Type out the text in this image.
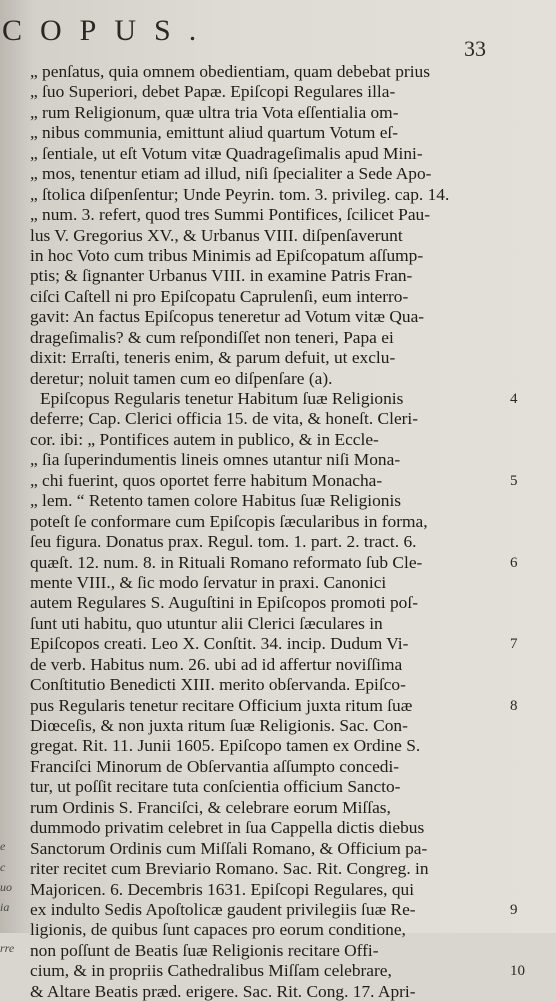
COPUS.
33
e
c
uo
ia
rre
„ penſatus, quia omnem obedientiam, quam debebat prius
„ ſuo Superiori, debet Papæ. Epiſcopi Regulares illa-
„ rum Religionum, quæ ultra tria Vota eſſentialia om-
„ nibus communia, emittunt aliud quartum Votum eſ-
„ ſentiale, ut eſt Votum vitæ Quadrageſimalis apud Mini-
„ mos, tenentur etiam ad illud, niſi ſpecialiter a Sede Apo-
„ ſtolica diſpenſentur; Unde Peyrin. tom. 3. privileg. cap. 14.
„ num. 3. refert, quod tres Summi Pontifices, ſcilicet Pau-
lus V. Gregorius XV., & Urbanus VIII. diſpenſaverunt
in hoc Voto cum tribus Minimis ad Epiſcopatum aſſump-
ptis; & ſignanter Urbanus VIII. in examine Patris Fran-
ciſci Caſtell ni pro Epiſcopatu Caprulenſi, eum interro-
gavit: An factus Epiſcopus teneretur ad Votum vitæ Qua-
drageſimalis? & cum reſpondiſſet non teneri, Papa ei
dixit: Erraſti, teneris enim, & parum defuit, ut exclu-
deretur; noluit tamen cum eo diſpenſare (a).
Epiſcopus Regularis tenetur Habitum ſuæ Religionis	4
deferre; Cap. Clerici officia 15. de vita, & honeſt. Cleri-
cor. ibi: „ Pontifices autem in publico, & in Eccle-
„ ſia ſuperindumentis lineis omnes utantur niſi Mona-
„ chi fuerint, quos oportet ferre habitum Monacha-	5
„ lem. “ Retento tamen colore Habitus ſuæ Religionis
poteſt ſe conformare cum Epiſcopis ſæcularibus in forma,
ſeu figura. Donatus prax. Regul. tom. 1. part. 2. tract. 6.
quæſt. 12. num. 8. in Rituali Romano reformato ſub Cle-	6
mente VIII., & ſic modo ſervatur in praxi. Canonici
autem Regulares S. Auguſtini in Epiſcopos promoti poſ-
ſunt uti habitu, quo utuntur alii Clerici ſæculares in
Epiſcopos creati. Leo X. Conſtit. 34. incip. Dudum Vi-	7
de verb. Habitus num. 26. ubi ad id affertur noviſſima
Conſtitutio Benedicti XIII. merito obſervanda. Epiſco-
pus Regularis tenetur recitare Officium juxta ritum ſuæ	8
Diœceſis, & non juxta ritum ſuæ Religionis. Sac. Con-
gregat. Rit. 11. Junii 1605. Epiſcopo tamen ex Ordine S.
Franciſci Minorum de Obſervantia aſſumpto concedi-
tur, ut poſſit recitare tuta conſcientia officium Sancto-
rum Ordinis S. Franciſci, & celebrare eorum Miſſas,
dummodo privatim celebret in ſua Cappella dictis diebus
Sanctorum Ordinis cum Miſſali Romano, & Officium pa-
riter recitet cum Breviario Romano. Sac. Rit. Congreg. in
Majoricen. 6. Decembris 1631. Epiſcopi Regulares, qui
ex indulto Sedis Apoſtolicæ gaudent privilegiis ſuæ Re-	9
ligionis, de quibus ſunt capaces pro eorum conditione,
non poſſunt de Beatis ſuæ Religionis recitare Offi-
cium, & in propriis Cathedralibus Miſſam celebrare,	10
& Altare Beatis præd. erigere. Sac. Rit. Cong. 17. Apri-
